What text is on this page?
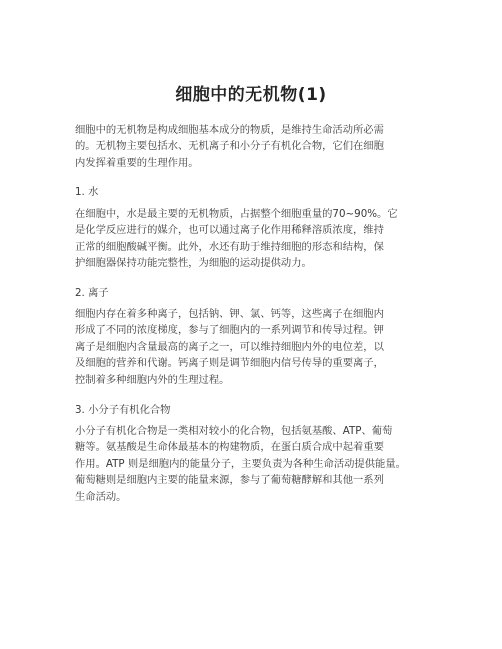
细胞中的无机物(1)
细胞中的无机物是构成细胞基本成分的物质，是维持生命活动所必需
的。无机物主要包括水、无机离子和小分子有机化合物，它们在细胞
内发挥着重要的生理作用。
1. 水
在细胞中，水是最主要的无机物质，占据整个细胞重量的70~90%。它
是化学反应进行的媒介，也可以通过离子化作用稀释溶质浓度，维持
正常的细胞酸碱平衡。此外，水还有助于维持细胞的形态和结构，保
护细胞器保持功能完整性，为细胞的运动提供动力。
2. 离子
细胞内存在着多种离子，包括钠、钾、氯、钙等，这些离子在细胞内
形成了不同的浓度梯度，参与了细胞内的一系列调节和传导过程。钾
离子是细胞内含量最高的离子之一，可以维持细胞内外的电位差，以
及细胞的营养和代谢。钙离子则是调节细胞内信号传导的重要离子，
控制着多种细胞内外的生理过程。
3. 小分子有机化合物
小分子有机化合物是一类相对较小的化合物，包括氨基酸、ATP、葡萄
糖等。氨基酸是生命体最基本的构建物质，在蛋白质合成中起着重要
作用。ATP 则是细胞内的能量分子，主要负责为各种生命活动提供能量。
葡萄糖则是细胞内主要的能量来源，参与了葡萄糖酵解和其他一系列
生命活动。
